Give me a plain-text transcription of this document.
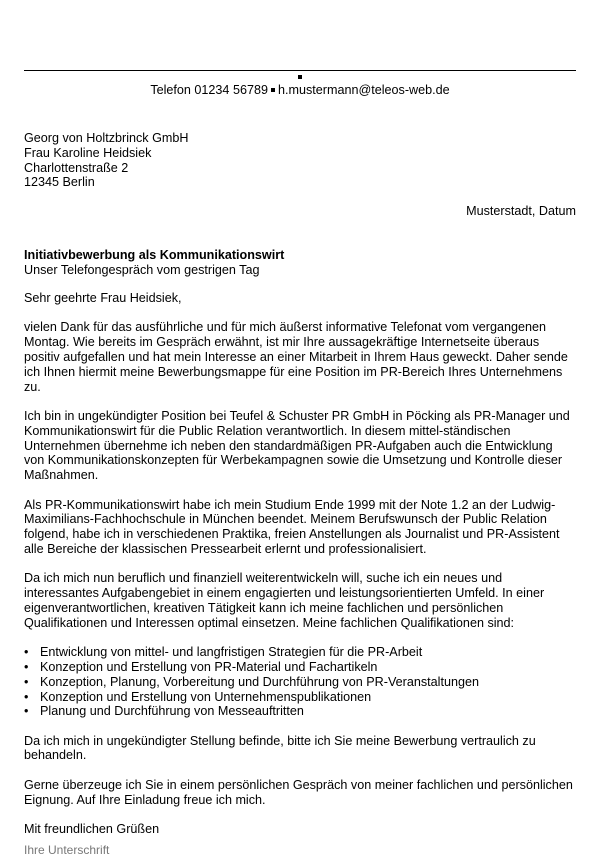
Telefon 01234 56789 h.mustermann@teleos-web.de
Georg von Holtzbrinck GmbH
Frau Karoline Heidsiek
Charlottenstraße 2
12345 Berlin
Musterstadt, Datum
Initiativbewerbung als Kommunikationswirt
Unser Telefongespräch vom gestrigen Tag
Sehr geehrte Frau Heidsiek,
vielen Dank für das ausführliche und für mich äußerst informative Telefonat vom vergangenen
Montag. Wie bereits im Gespräch erwähnt, ist mir Ihre aussagekräftige Internetseite überaus
positiv aufgefallen und hat mein Interesse an einer Mitarbeit in Ihrem Haus geweckt. Daher sende
ich Ihnen hiermit meine Bewerbungsmappe für eine Position im PR-Bereich Ihres Unternehmens
zu.
Ich bin in ungekündigter Position bei Teufel & Schuster PR GmbH in Pöcking als PR-Manager und
Kommunikationswirt für die Public Relation verantwortlich. In diesem mittel-ständischen
Unternehmen übernehme ich neben den standardmäßigen PR-Aufgaben auch die Entwicklung
von Kommunikationskonzepten für Werbekampagnen sowie die Umsetzung und Kontrolle dieser
Maßnahmen.
Als PR-Kommunikationswirt habe ich mein Studium Ende 1999 mit der Note 1.2 an der Ludwig-
Maximilians-Fachhochschule in München beendet. Meinem Berufswunsch der Public Relation
folgend, habe ich in verschiedenen Praktika, freien Anstellungen als Journalist und PR-Assistent
alle Bereiche der klassischen Pressearbeit erlernt und professionalisiert.
Da ich mich nun beruflich und finanziell weiterentwickeln will, suche ich ein neues und
interessantes Aufgabengebiet in einem engagierten und leistungsorientierten Umfeld. In einer
eigenverantwortlichen, kreativen Tätigkeit kann ich meine fachlichen und persönlichen
Qualifikationen und Interessen optimal einsetzen. Meine fachlichen Qualifikationen sind:
• Entwicklung von mittel- und langfristigen Strategien für die PR-Arbeit
• Konzeption und Erstellung von PR-Material und Fachartikeln
• Konzeption, Planung, Vorbereitung und Durchführung von PR-Veranstaltungen
• Konzeption und Erstellung von Unternehmenspublikationen
• Planung und Durchführung von Messeauftritten
Da ich mich in ungekündigter Stellung befinde, bitte ich Sie meine Bewerbung vertraulich zu
behandeln.
Gerne überzeuge ich Sie in einem persönlichen Gespräch von meiner fachlichen und persönlichen
Eignung. Auf Ihre Einladung freue ich mich.
Mit freundlichen Grüßen
Ihre Unterschrift
